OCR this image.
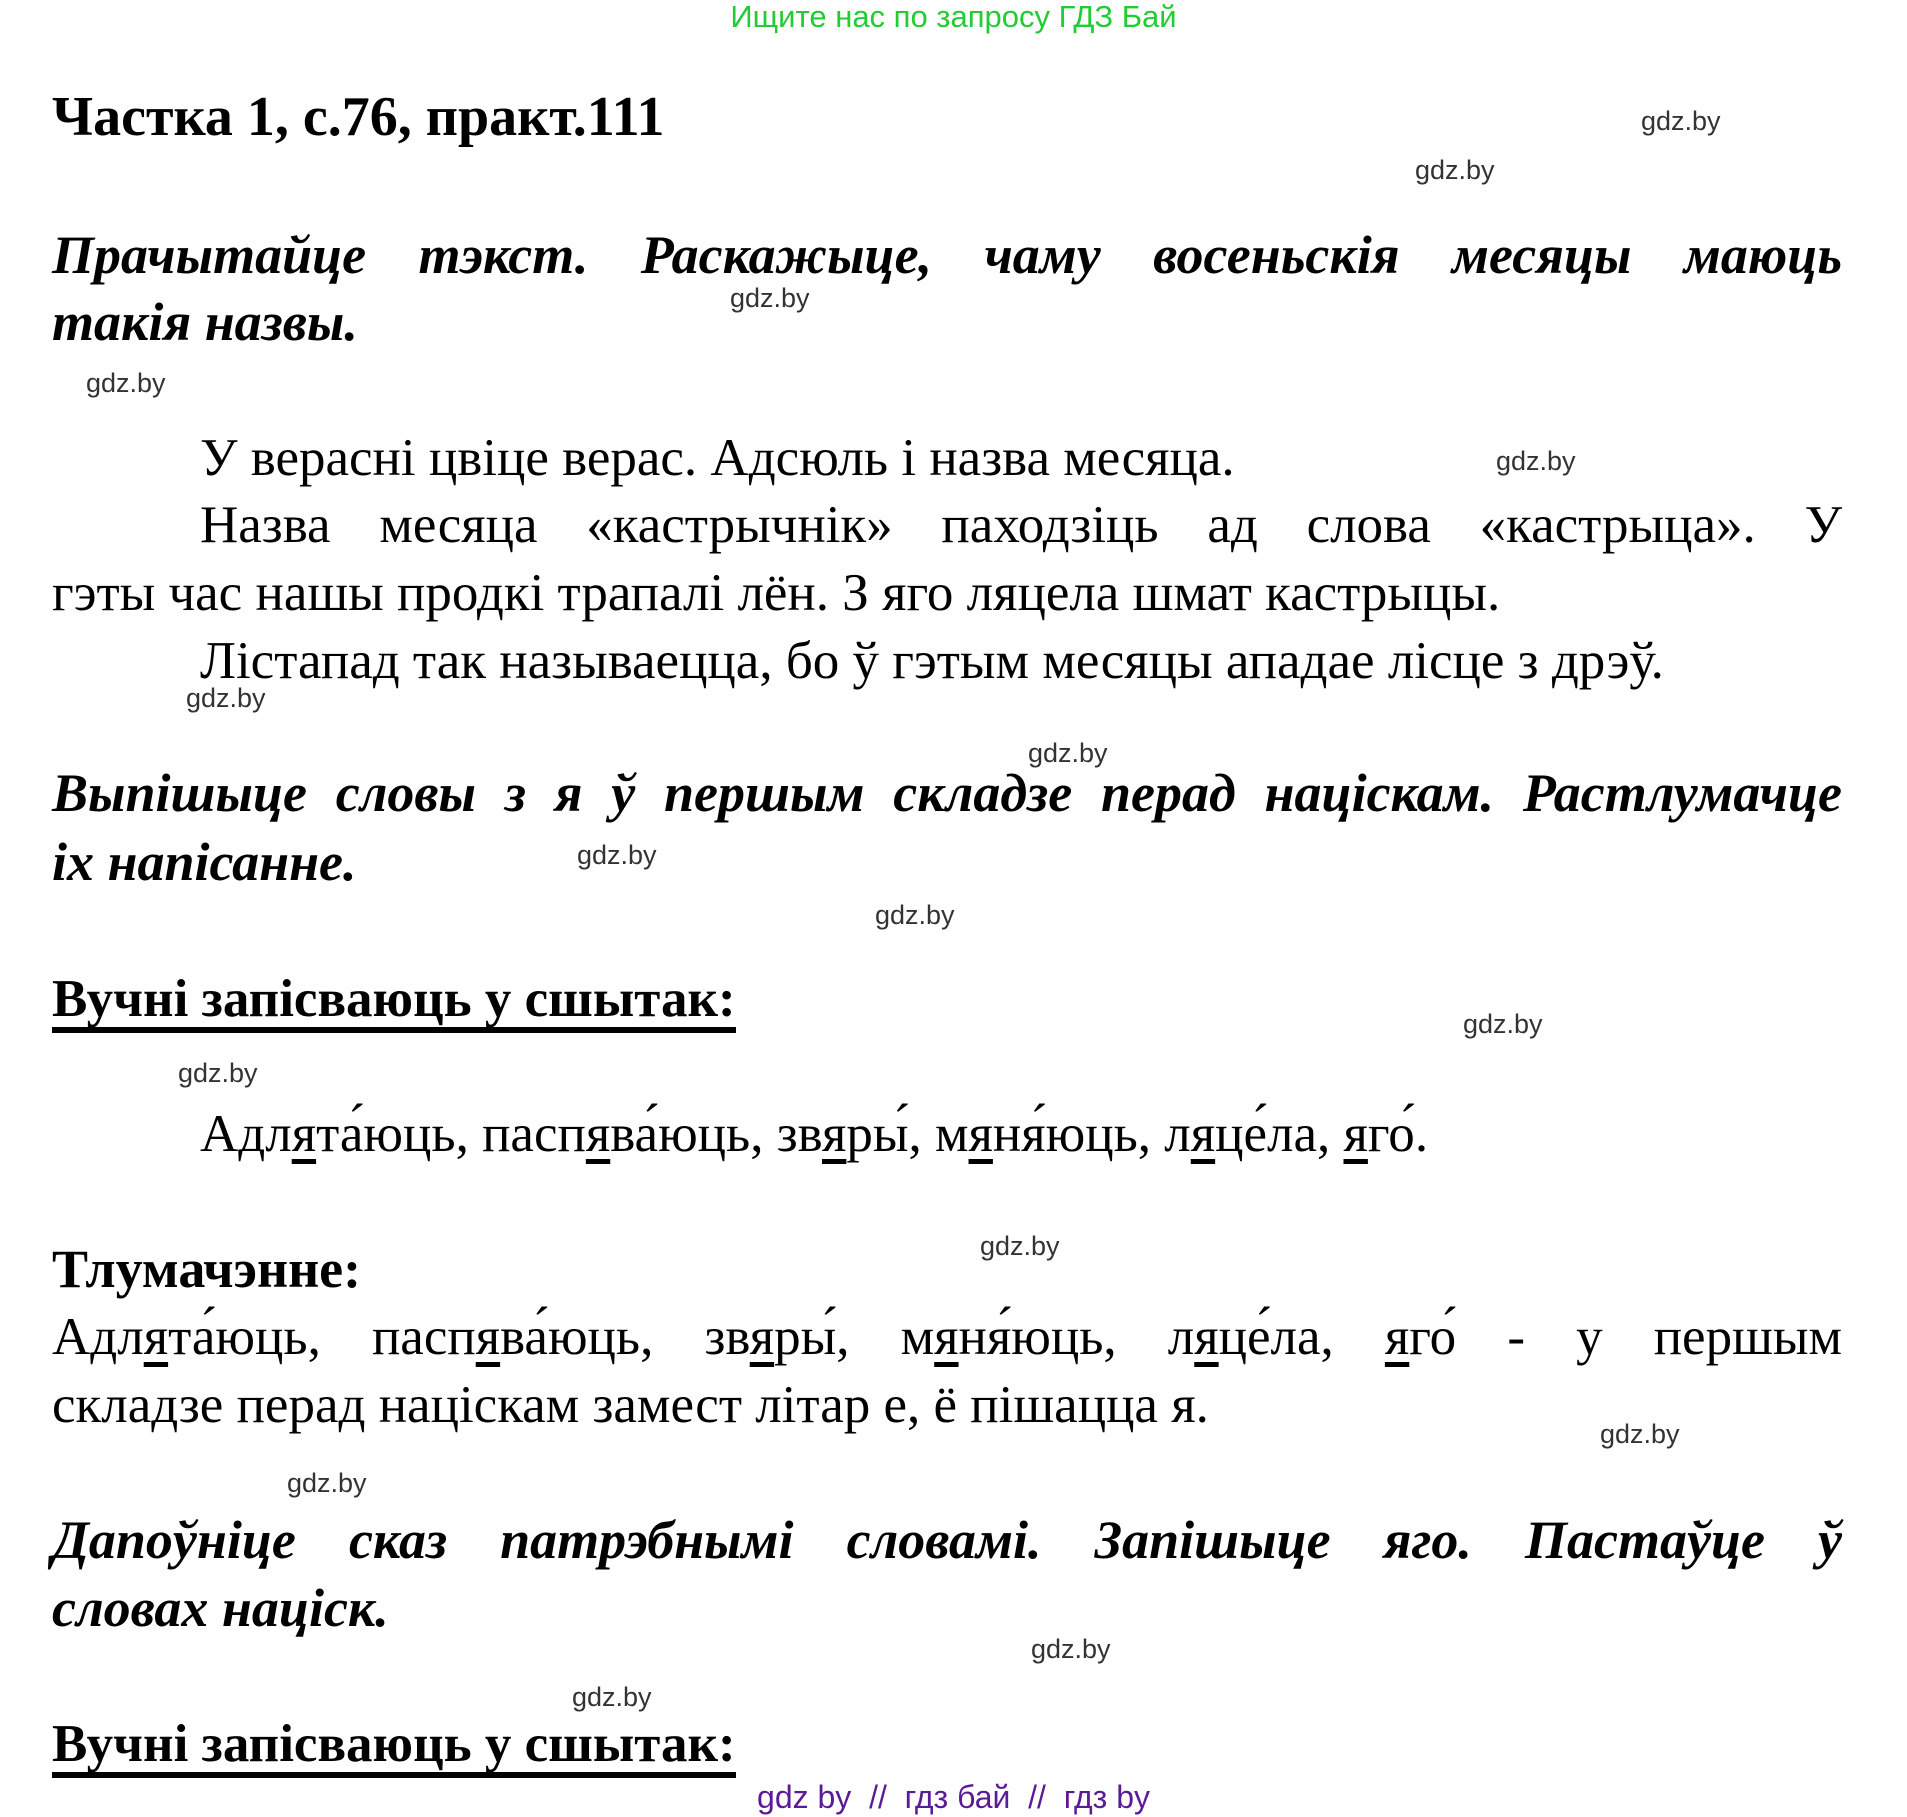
Ищите нас по запросу ГДЗ Бай
Частка 1, с.76, практ.111
Прачытайце тэкст. Раскажыце, чаму восеньскія месяцы маюць
такія назвы.
У верасні цвіце верас. Адсюль і назва месяца.
Назва месяца «кастрычнік» паходзіць ад слова «кастрыца». У
гэты час нашы продкі трапалі лён. З яго ляцела шмат кастрыцы.
Лістапад так называецца, бо ў гэтым месяцы ападае лісце з дрэў.
Выпішыце словы з я ў першым складзе перад націскам. Растлумачце
іх напісанне.
Вучні запісваюць у сшытак:
Адлята́юць, паспява́юць, звяры́, мяня́юць, ляце́ла, яго́.
Тлумачэнне:
Адлята́юць, паспява́юць, звяры́, мяня́юць, ляце́ла, яго́ - у першым
складзе перад націскам замест літар е, ё пішацца я.
Дапоўніце сказ патрэбнымі словамі. Запішыце яго. Пастаўце ў
словах націск.
Вучні запісваюць у сшытак:
gdz.by
gdz.by
gdz.by
gdz.by
gdz.by
gdz.by
gdz.by
gdz.by
gdz.by
gdz.by
gdz.by
gdz.by
gdz.by
gdz.by
gdz.by
gdz.by
gdz by  //  гдз бай  //  гдз by
